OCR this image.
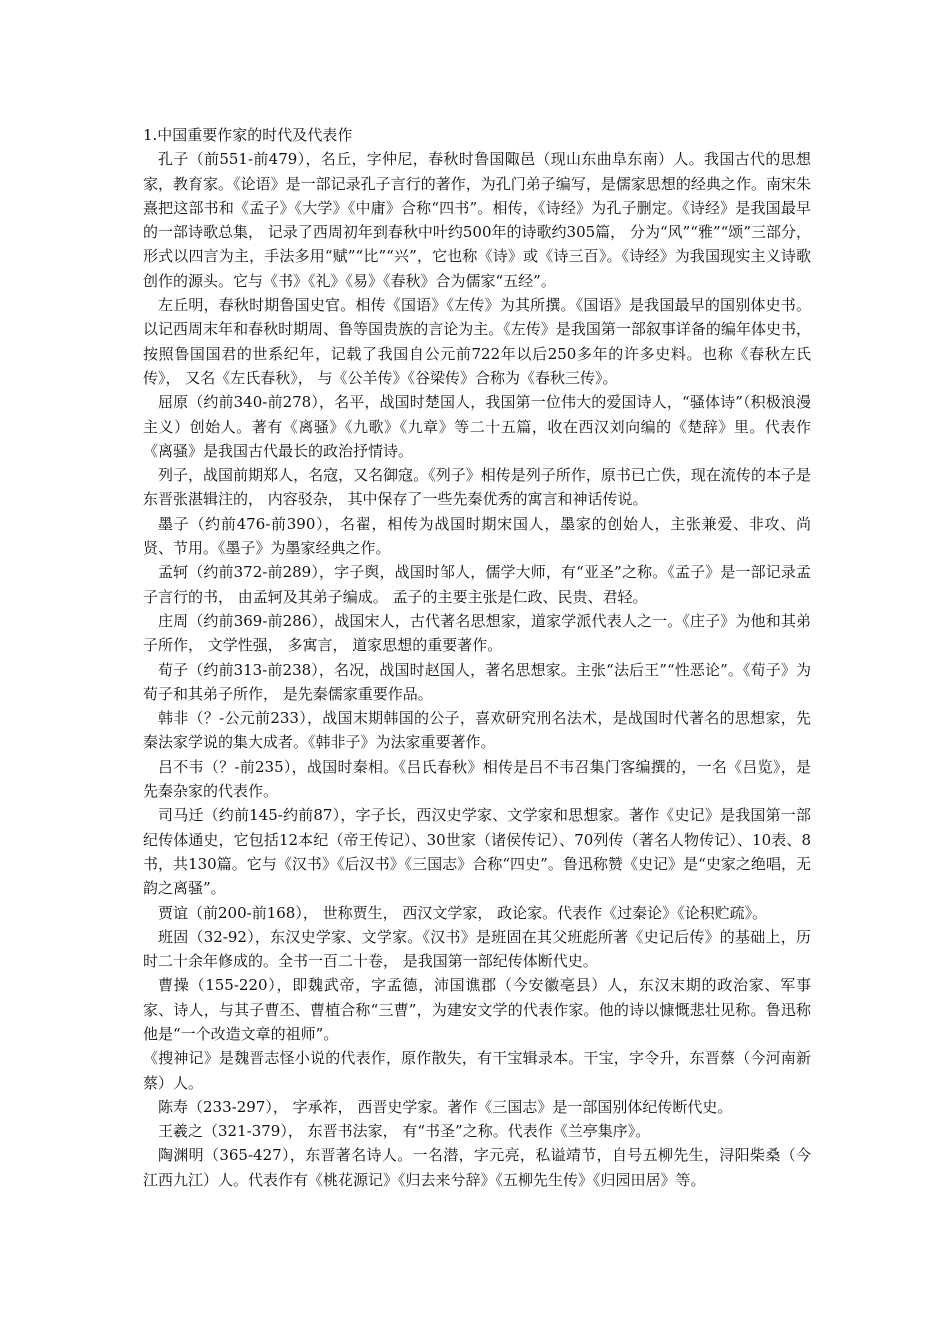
1.中国重要作家的时代及代表作

孔子（前551-前479），名丘，字仲尼，春秋时鲁国陬邑（现山东曲阜东南）人。我国古代的思想家，教育家。《论语》是一部记录孔子言行的著作，为孔门弟子编写，是儒家思想的经典之作。南宋朱熹把这部书和《孟子》《大学》《中庸》合称“四书”。相传，《诗经》为孔子删定。《诗经》是我国最早的一部诗歌总集， 记录了西周初年到春秋中叶约500年的诗歌约305篇， 分为“风”“雅”“颂”三部分，形式以四言为主，手法多用“赋”“比”“兴”，它也称《诗》或《诗三百》。《诗经》为我国现实主义诗歌创作的源头。它与《书》《礼》《易》《春秋》合为儒家“五经”。

左丘明，春秋时期鲁国史官。相传《国语》《左传》为其所撰。《国语》是我国最早的国别体史书。以记西周末年和春秋时期周、鲁等国贵族的言论为主。《左传》是我国第一部叙事详备的编年体史书，按照鲁国国君的世系纪年，记载了我国自公元前722年以后250多年的许多史料。也称《春秋左氏传》， 又名《左氏春秋》， 与《公羊传》《谷梁传》合称为《春秋三传》。

屈原（约前340-前278），名平，战国时楚国人，我国第一位伟大的爱国诗人，“骚体诗”（积极浪漫主义）创始人。著有《离骚》《九歌》《九章》等二十五篇，收在西汉刘向编的《楚辞》里。代表作《离骚》是我国古代最长的政治抒情诗。

列子，战国前期郑人，名寇，又名御寇。《列子》相传是列子所作，原书已亡佚，现在流传的本子是东晋张湛辑注的， 内容驳杂， 其中保存了一些先秦优秀的寓言和神话传说。

墨子（约前476-前390），名翟，相传为战国时期宋国人，墨家的创始人，主张兼爱、非攻、尚贤、节用。《墨子》为墨家经典之作。

孟轲（约前372-前289），字子舆，战国时邹人，儒学大师，有“亚圣”之称。《孟子》是一部记录孟子言行的书， 由孟轲及其弟子编成。 孟子的主要主张是仁政、民贵、君轻。

庄周（约前369-前286），战国宋人，古代著名思想家，道家学派代表人之一。《庄子》为他和其弟子所作， 文学性强， 多寓言， 道家思想的重要著作。

荀子（约前313-前238），名况，战国时赵国人，著名思想家。主张“法后王”“性恶论”。《荀子》为荀子和其弟子所作， 是先秦儒家重要作品。

韩非（？-公元前233），战国末期韩国的公子，喜欢研究刑名法术，是战国时代著名的思想家，先秦法家学说的集大成者。《韩非子》为法家重要著作。

吕不韦（？-前235），战国时秦相。《吕氏春秋》相传是吕不韦召集门客编撰的，一名《吕览》，是先秦杂家的代表作。

司马迁（约前145-约前87），字子长，西汉史学家、文学家和思想家。著作《史记》是我国第一部纪传体通史，它包括12本纪（帝王传记）、30世家（诸侯传记）、70列传（著名人物传记）、10表、8书，共130篇。它与《汉书》《后汉书》《三国志》合称“四史”。鲁迅称赞《史记》是“史家之绝唱，无韵之离骚”。

贾谊（前200-前168）， 世称贾生， 西汉文学家， 政论家。代表作《过秦论》《论积贮疏》。

班固（32-92），东汉史学家、文学家。《汉书》是班固在其父班彪所著《史记后传》的基础上，历时二十余年修成的。全书一百二十卷， 是我国第一部纪传体断代史。

曹操（155-220），即魏武帝，字孟德，沛国谯郡（今安徽亳县）人，东汉末期的政治家、军事家、诗人，与其子曹丕、曹植合称“三曹”，为建安文学的代表作家。他的诗以慷慨悲壮见称。鲁迅称他是“一个改造文章的祖师”。

《搜神记》是魏晋志怪小说的代表作，原作散失，有干宝辑录本。干宝，字令升，东晋蔡（今河南新蔡）人。

陈寿（233-297）， 字承祚， 西晋史学家。著作《三国志》是一部国别体纪传断代史。

王羲之（321-379）， 东晋书法家， 有“书圣”之称。代表作《兰亭集序》。

陶渊明（365-427），东晋著名诗人。一名潜，字元亮，私谥靖节，自号五柳先生，浔阳柴桑（今江西九江）人。代表作有《桃花源记》《归去来兮辞》《五柳先生传》《归园田居》等。
